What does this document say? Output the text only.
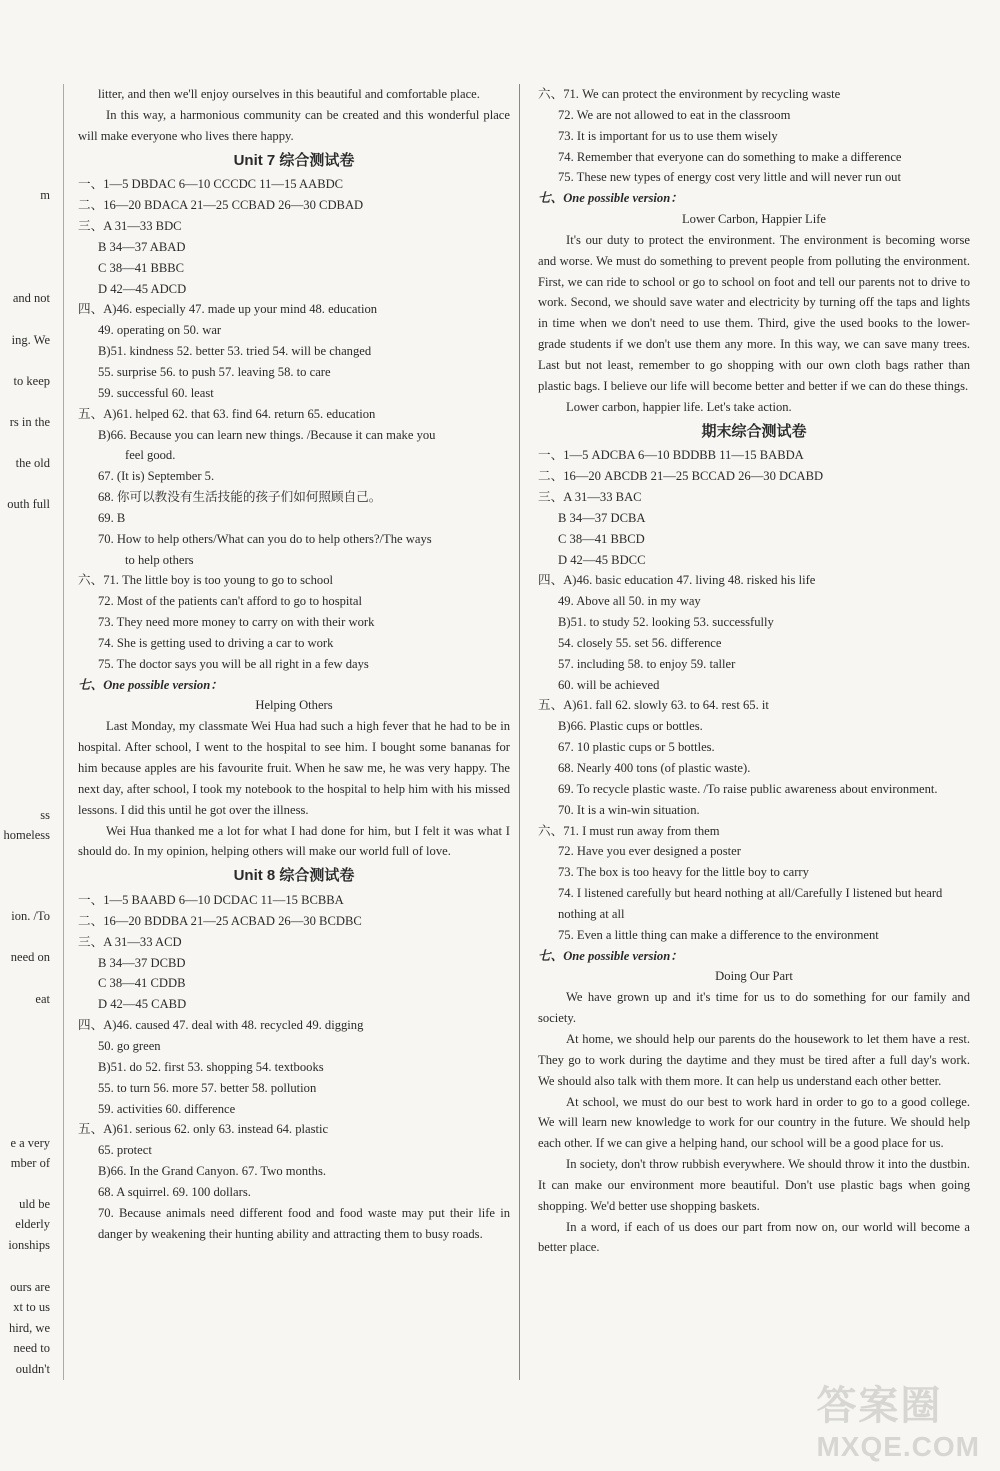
m
and not
ing. We
to keep
rs in the
the old
outh full
ss
homeless
ion. /To
need on
eat
e a very
mber of
uld be
elderly
ionships
ours are
xt to us
hird, we
need to
ouldn't
litter, and then we'll enjoy ourselves in this beautiful and comfortable place.
In this way, a harmonious community can be created and this wonderful place will make everyone who lives there happy.
Unit 7 综合测试卷
一、1—5 DBDAC 6—10 CCCDC 11—15 AABDC
二、16—20 BDACA 21—25 CCBAD 26—30 CDBAD
三、A 31—33 BDC
B 34—37 ABAD
C 38—41 BBBC
D 42—45 ADCD
四、A)46. especially 47. made up your mind 48. education
49. operating on 50. war
B)51. kindness 52. better 53. tried 54. will be changed
55. surprise 56. to push 57. leaving 58. to care
59. successful 60. least
五、A)61. helped 62. that 63. find 64. return 65. education
B)66. Because you can learn new things. /Because it can make you
feel good.
67. (It is) September 5.
68. 你可以教没有生活技能的孩子们如何照顾自己。
69. B
70. How to help others/What can you do to help others?/The ways
to help others
六、71. The little boy is too young to go to school
72. Most of the patients can't afford to go to hospital
73. They need more money to carry on with their work
74. She is getting used to driving a car to work
75. The doctor says you will be all right in a few days
七、One possible version：
Helping Others
Last Monday, my classmate Wei Hua had such a high fever that he had to be in hospital. After school, I went to the hospital to see him. I bought some bananas for him because apples are his favourite fruit. When he saw me, he was very happy. The next day, after school, I took my notebook to the hospital to help him with his missed lessons. I did this until he got over the illness.
Wei Hua thanked me a lot for what I had done for him, but I felt it was what I should do. In my opinion, helping others will make our world full of love.
Unit 8 综合测试卷
一、1—5 BAABD 6—10 DCDAC 11—15 BCBBA
二、16—20 BDDBA 21—25 ACBAD 26—30 BCDBC
三、A 31—33 ACD
B 34—37 DCBD
C 38—41 CDDB
D 42—45 CABD
四、A)46. caused 47. deal with 48. recycled 49. digging
50. go green
B)51. do 52. first 53. shopping 54. textbooks
55. to turn 56. more 57. better 58. pollution
59. activities 60. difference
五、A)61. serious 62. only 63. instead 64. plastic
65. protect
B)66. In the Grand Canyon. 67. Two months.
68. A squirrel. 69. 100 dollars.
70. Because animals need different food and food waste may put their life in danger by weakening their hunting ability and attracting them to busy roads.
六、71. We can protect the environment by recycling waste
72. We are not allowed to eat in the classroom
73. It is important for us to use them wisely
74. Remember that everyone can do something to make a difference
75. These new types of energy cost very little and will never run out
七、One possible version：
Lower Carbon, Happier Life
It's our duty to protect the environment. The environment is becoming worse and worse. We must do something to prevent people from polluting the environment. First, we can ride to school or go to school on foot and tell our parents not to drive to work. Second, we should save water and electricity by turning off the taps and lights in time when we don't need to use them. Third, give the used books to the lower-grade students if we don't use them any more. In this way, we can save many trees. Last but not least, remember to go shopping with our own cloth bags rather than plastic bags. I believe our life will become better and better if we can do these things.
Lower carbon, happier life. Let's take action.
期末综合测试卷
一、1—5 ADCBA 6—10 BDDBB 11—15 BABDA
二、16—20 ABCDB 21—25 BCCAD 26—30 DCABD
三、A 31—33 BAC
B 34—37 DCBA
C 38—41 BBCD
D 42—45 BDCC
四、A)46. basic education 47. living 48. risked his life
49. Above all 50. in my way
B)51. to study 52. looking 53. successfully
54. closely 55. set 56. difference
57. including 58. to enjoy 59. taller
60. will be achieved
五、A)61. fall 62. slowly 63. to 64. rest 65. it
B)66. Plastic cups or bottles.
67. 10 plastic cups or 5 bottles.
68. Nearly 400 tons (of plastic waste).
69. To recycle plastic waste. /To raise public awareness about environment.
70. It is a win-win situation.
六、71. I must run away from them
72. Have you ever designed a poster
73. The box is too heavy for the little boy to carry
74. I listened carefully but heard nothing at all/Carefully I listened but heard nothing at all
75. Even a little thing can make a difference to the environment
七、One possible version：
Doing Our Part
We have grown up and it's time for us to do something for our family and society.
At home, we should help our parents do the housework to let them have a rest. They go to work during the daytime and they must be tired after a full day's work. We should also talk with them more. It can help us understand each other better.
At school, we must do our best to work hard in order to go to a good college. We will learn new knowledge to work for our country in the future. We should help each other. If we can give a helping hand, our school will be a good place for us.
In society, don't throw rubbish everywhere. We should throw it into the dustbin. It can make our environment more beautiful. Don't use plastic bags when going shopping. We'd better use shopping baskets.
In a word, if each of us does our part from now on, our world will become a better place.
答案圈
MXQE.COM
